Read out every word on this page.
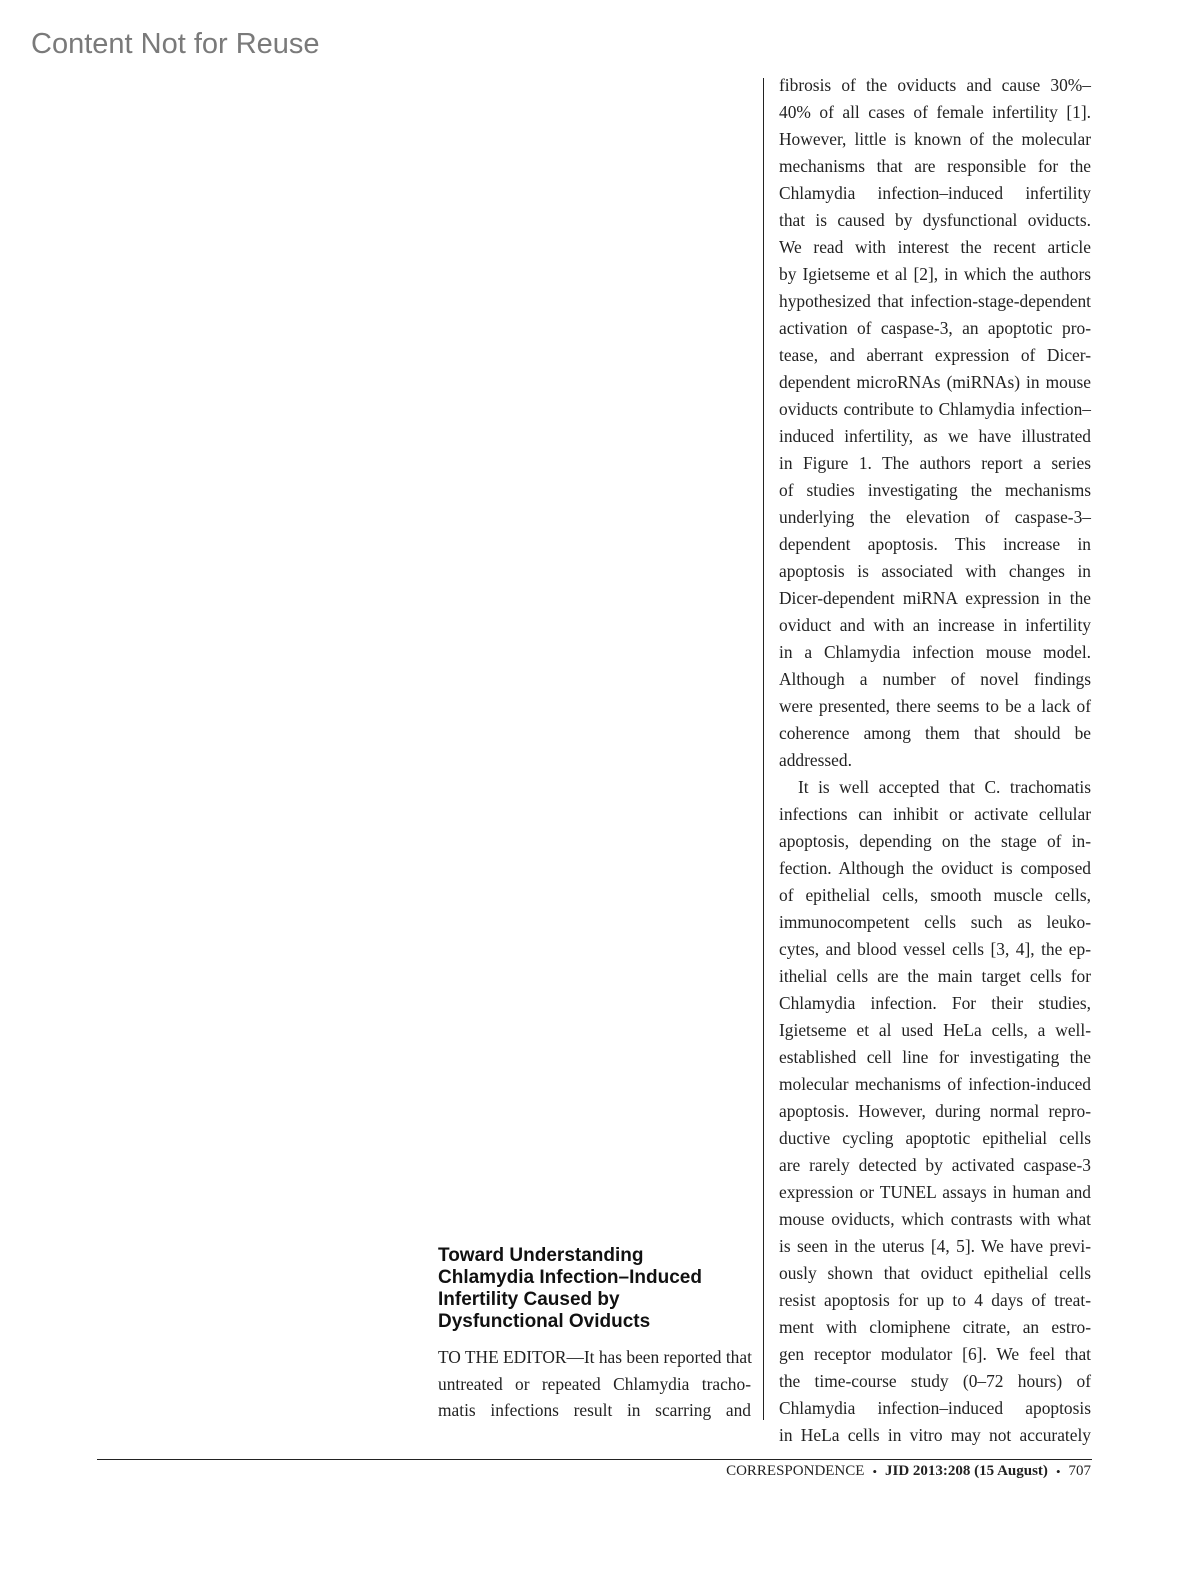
Content Not for Reuse
Toward Understanding
Chlamydia Infection–Induced
Infertility Caused by
Dysfunctional Oviducts
TO THE EDITOR—It has been reported that
untreated or repeated Chlamydia tracho-
matis infections result in scarring and
fibrosis of the oviducts and cause 30%–
40% of all cases of female infertility [1].
However, little is known of the molecular
mechanisms that are responsible for the
Chlamydia infection–induced infertility
that is caused by dysfunctional oviducts.
We read with interest the recent article
by Igietseme et al [2], in which the authors
hypothesized that infection-stage-dependent
activation of caspase-3, an apoptotic pro-
tease, and aberrant expression of Dicer-
dependent microRNAs (miRNAs) in mouse
oviducts contribute to Chlamydia infection–
induced infertility, as we have illustrated
in Figure 1. The authors report a series
of studies investigating the mechanisms
underlying the elevation of caspase-3–
dependent apoptosis. This increase in
apoptosis is associated with changes in
Dicer-dependent miRNA expression in the
oviduct and with an increase in infertility
in a Chlamydia infection mouse model.
Although a number of novel findings
were presented, there seems to be a lack of
coherence among them that should be
addressed.
It is well accepted that C. trachomatis
infections can inhibit or activate cellular
apoptosis, depending on the stage of in-
fection. Although the oviduct is composed
of epithelial cells, smooth muscle cells,
immunocompetent cells such as leuko-
cytes, and blood vessel cells [3, 4], the ep-
ithelial cells are the main target cells for
Chlamydia infection. For their studies,
Igietseme et al used HeLa cells, a well-
established cell line for investigating the
molecular mechanisms of infection-induced
apoptosis. However, during normal repro-
ductive cycling apoptotic epithelial cells
are rarely detected by activated caspase-3
expression or TUNEL assays in human and
mouse oviducts, which contrasts with what
is seen in the uterus [4, 5]. We have previ-
ously shown that oviduct epithelial cells
resist apoptosis for up to 4 days of treat-
ment with clomiphene citrate, an estro-
gen receptor modulator [6]. We feel that
the time-course study (0–72 hours) of
Chlamydia infection–induced apoptosis
in HeLa cells in vitro may not accurately
CORRESPONDENCE • JID 2013:208 (15 August) • 707
